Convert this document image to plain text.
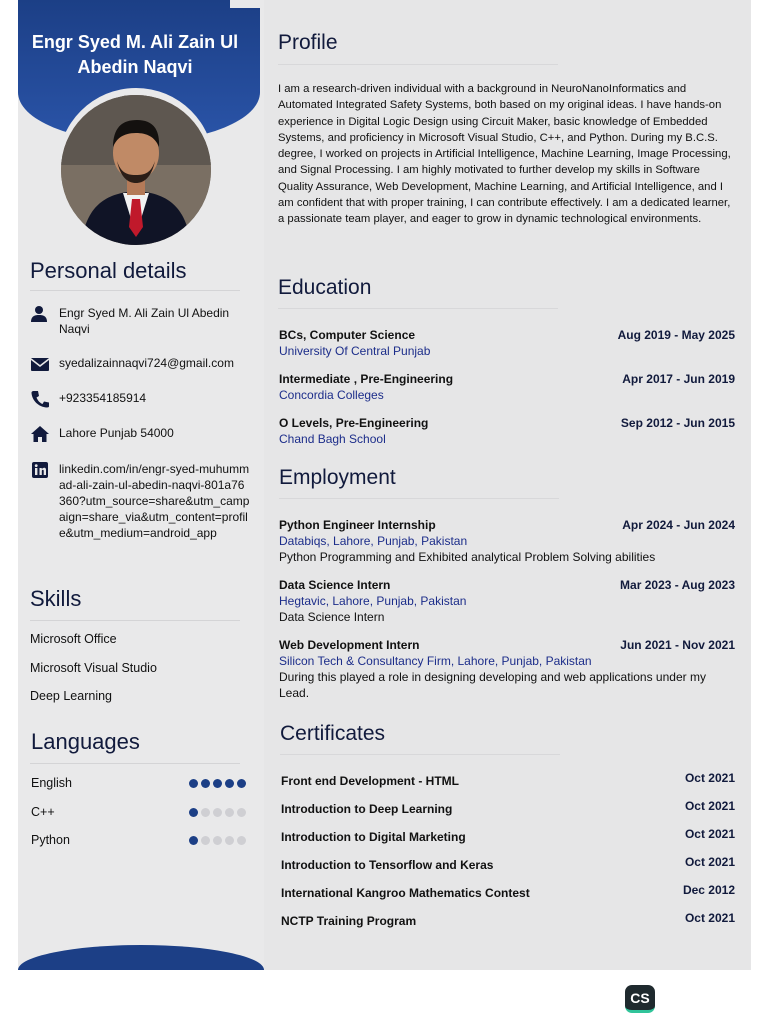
Engr Syed M. Ali Zain Ul Abedin Naqvi
Personal details
Engr Syed M. Ali Zain Ul Abedin Naqvi
syedalizainnaqvi724@gmail.com
+923354185914
Lahore Punjab 54000
linkedin.com/in/engr-syed-muhummad-ali-zain-ul-abedin-naqvi-801a76360?utm_source=share&utm_campaign=share_via&utm_content=profile&utm_medium=android_app
Skills
Microsoft Office
Microsoft Visual Studio
Deep Learning
Languages
English
C++
Python
Profile
I am a research-driven individual with a background in NeuroNanoInformatics and Automated Integrated Safety Systems, both based on my original ideas. I have hands-on experience in Digital Logic Design using Circuit Maker, basic knowledge of Embedded Systems, and proficiency in Microsoft Visual Studio, C++, and Python. During my B.C.S. degree, I worked on projects in Artificial Intelligence, Machine Learning, Image Processing, and Signal Processing. I am highly motivated to further develop my skills in Software Quality Assurance, Web Development, Machine Learning, and Artificial Intelligence, and I am confident that with proper training, I can contribute effectively. I am a dedicated learner, a passionate team player, and eager to grow in dynamic technological environments.
Education
BCs, Computer Science	Aug 2019 - May 2025
University Of Central Punjab
Intermediate , Pre-Engineering	Apr 2017 - Jun 2019
Concordia Colleges
O Levels, Pre-Engineering	Sep 2012 - Jun 2015
Chand Bagh School
Employment
Python Engineer Internship	Apr 2024 - Jun 2024
Databiqs, Lahore, Punjab, Pakistan
Python Programming and Exhibited analytical Problem Solving abilities
Data Science Intern	Mar 2023 - Aug 2023
Hegtavic, Lahore, Punjab, Pakistan
Data Science Intern
Web Development Intern	Jun 2021 - Nov 2021
Silicon Tech & Consultancy Firm, Lahore, Punjab, Pakistan
During this played a role in designing developing and web applications under my Lead.
Certificates
Front end Development - HTML	Oct 2021
Introduction to Deep Learning	Oct 2021
Introduction to Digital Marketing	Oct 2021
Introduction to Tensorflow and Keras	Oct 2021
International Kangroo Mathematics Contest	Dec 2012
NCTP Training Program	Oct 2021
CS
